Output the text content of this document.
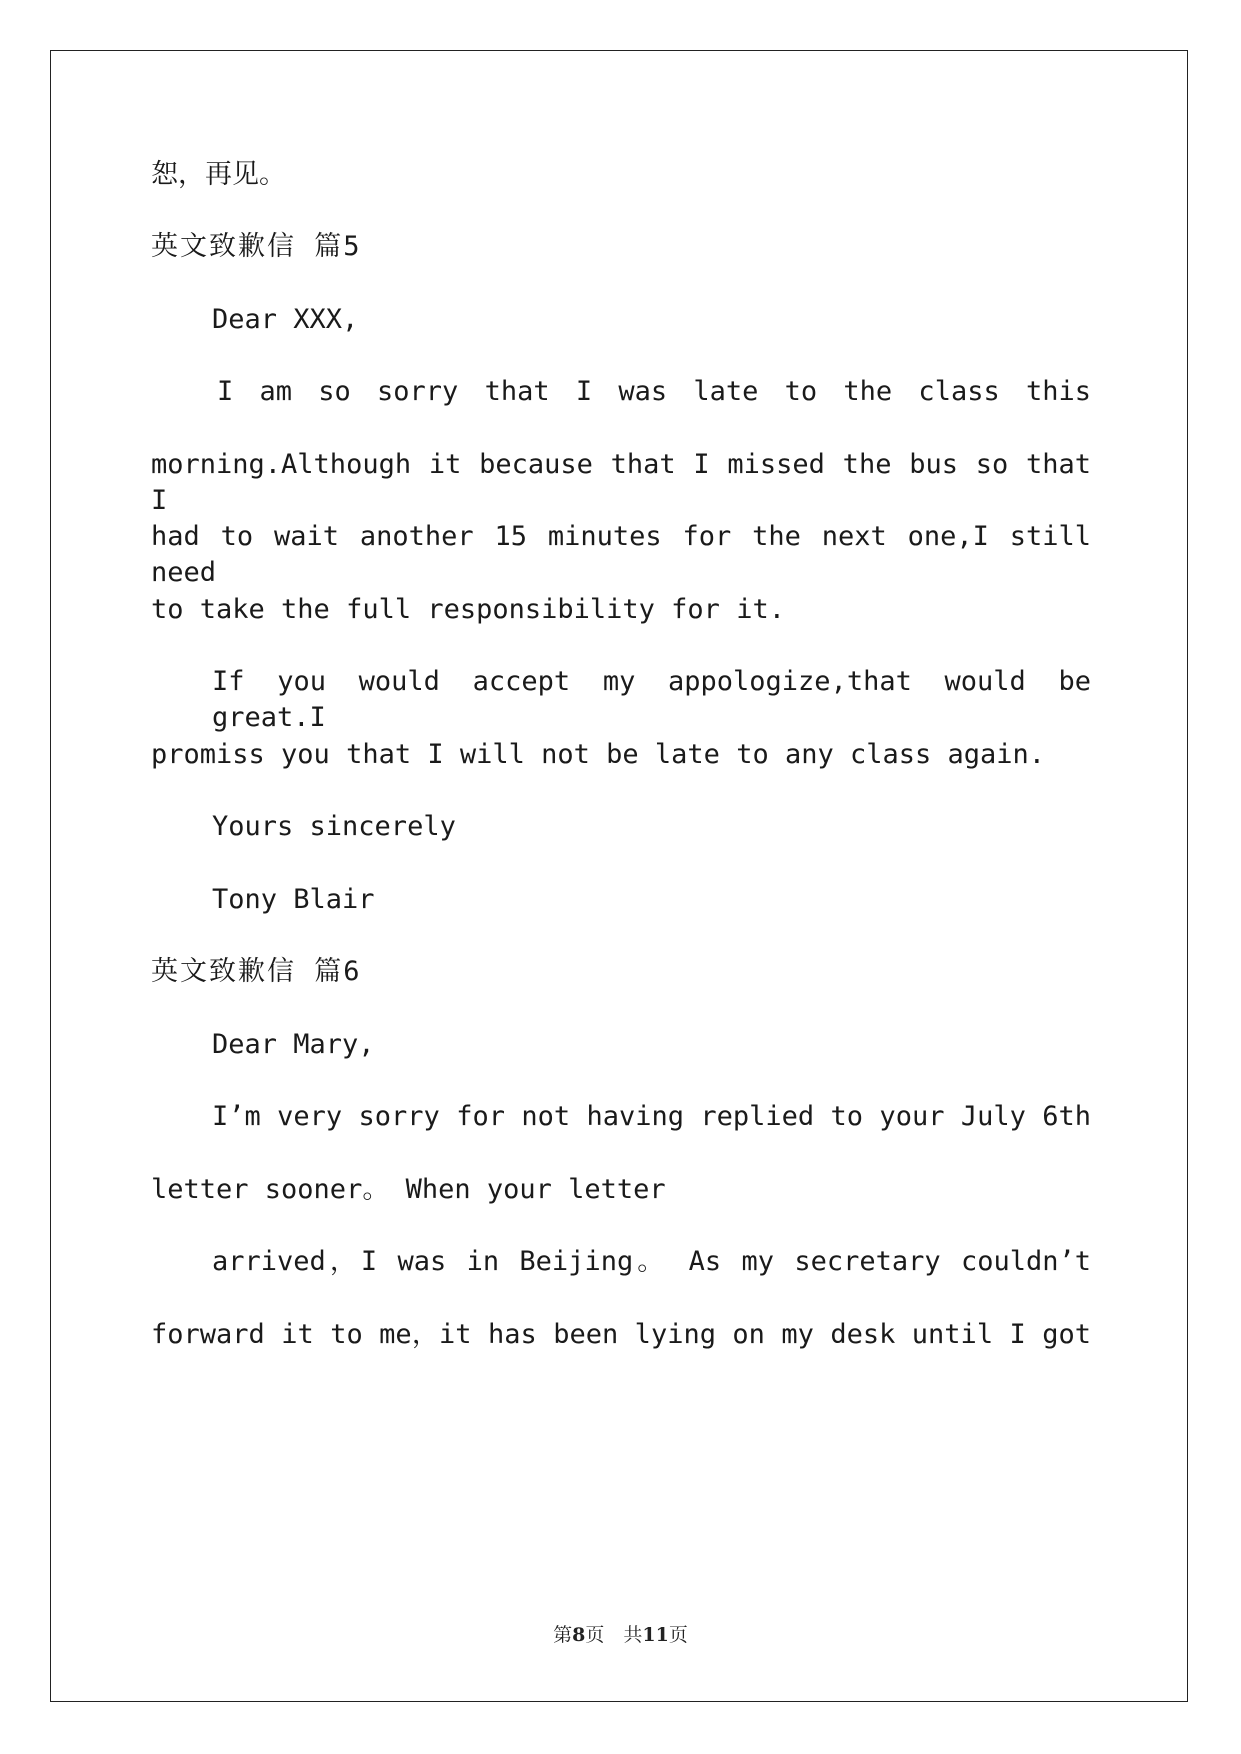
恕，再见。
英文致歉信 篇5
Dear XXX,
I am so sorry that I was late to the class this
morning.Although it because that I missed the bus so that I
had to wait another 15 minutes for the next one,I still need
to take the full responsibility for it.
If you would accept my appologize,that would be great.I
promiss you that I will not be late to any class again.
Yours sincerely
Tony Blair
英文致歉信 篇6
Dear Mary,
I’m very sorry for not having replied to your July 6th
letter sooner。 When your letter
arrived，I was in Beijing。 As my secretary couldn’t
forward it to me，it has been lying on my desk until I got
第8页　共11页
